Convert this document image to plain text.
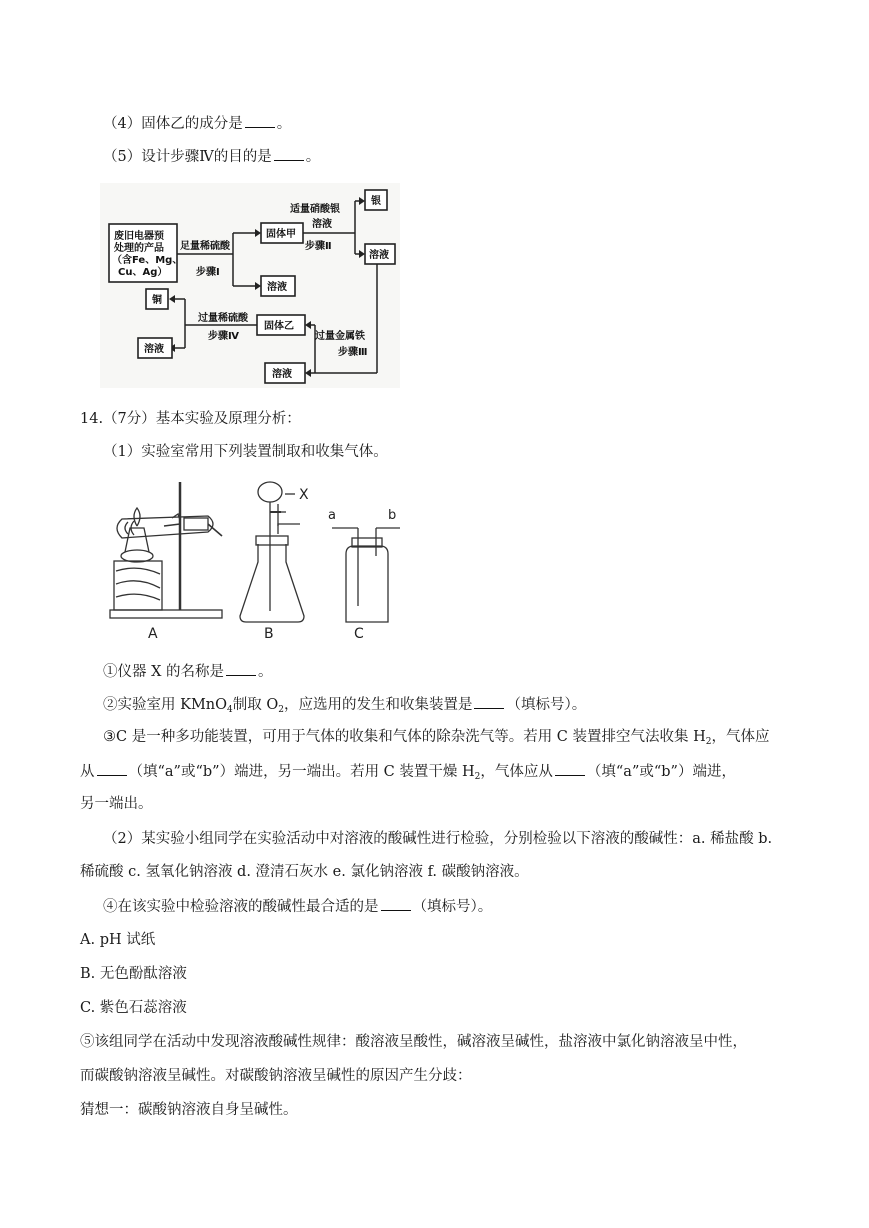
（4）固体乙的成分是 。
（5）设计步骤Ⅳ的目的是 。
废旧电器预
处理的产品
（含Fe、Mg、
Cu、Ag）
足量稀硫酸
步骤Ⅰ
固体甲
溶液
适量硝酸银
溶液
步骤Ⅱ
银
溶液
过量金属铁
步骤Ⅲ
溶液
固体乙
过量稀硫酸
步骤Ⅳ
铜
溶液
14.（7分）基本实验及原理分析：
（1）实验室常用下列装置制取和收集气体。
A
X
B
a	b
C
①仪器 X 的名称是 。
②实验室用 KMnO$_4$制取 $O_2$，应选用的发生和收集装置是 （填标号）。
③C 是一种多功能装置，可用于气体的收集和气体的除杂洗气等。若用 C 装置排空气法收集 $H_2$，气体应
从 （填“a”或“b”）端进，另一端出。若用 C 装置干燥 $H_2$，气体应从 （填“a”或“b”）端进，
另一端出。
（2）某实验小组同学在实验活动中对溶液的酸碱性进行检验，分别检验以下溶液的酸碱性：a. 稀盐酸 b.
稀硫酸 c. 氢氧化钠溶液 d. 澄清石灰水 e. 氯化钠溶液 f. 碳酸钠溶液。
④在该实验中检验溶液的酸碱性最合适的是 （填标号）。
A. pH 试纸
B. 无色酚酞溶液
C. 紫色石蕊溶液
⑤该组同学在活动中发现溶液酸碱性规律：酸溶液呈酸性，碱溶液呈碱性，盐溶液中氯化钠溶液呈中性，
而碳酸钠溶液呈碱性。对碳酸钠溶液呈碱性的原因产生分歧：
猜想一：碳酸钠溶液自身呈碱性。
